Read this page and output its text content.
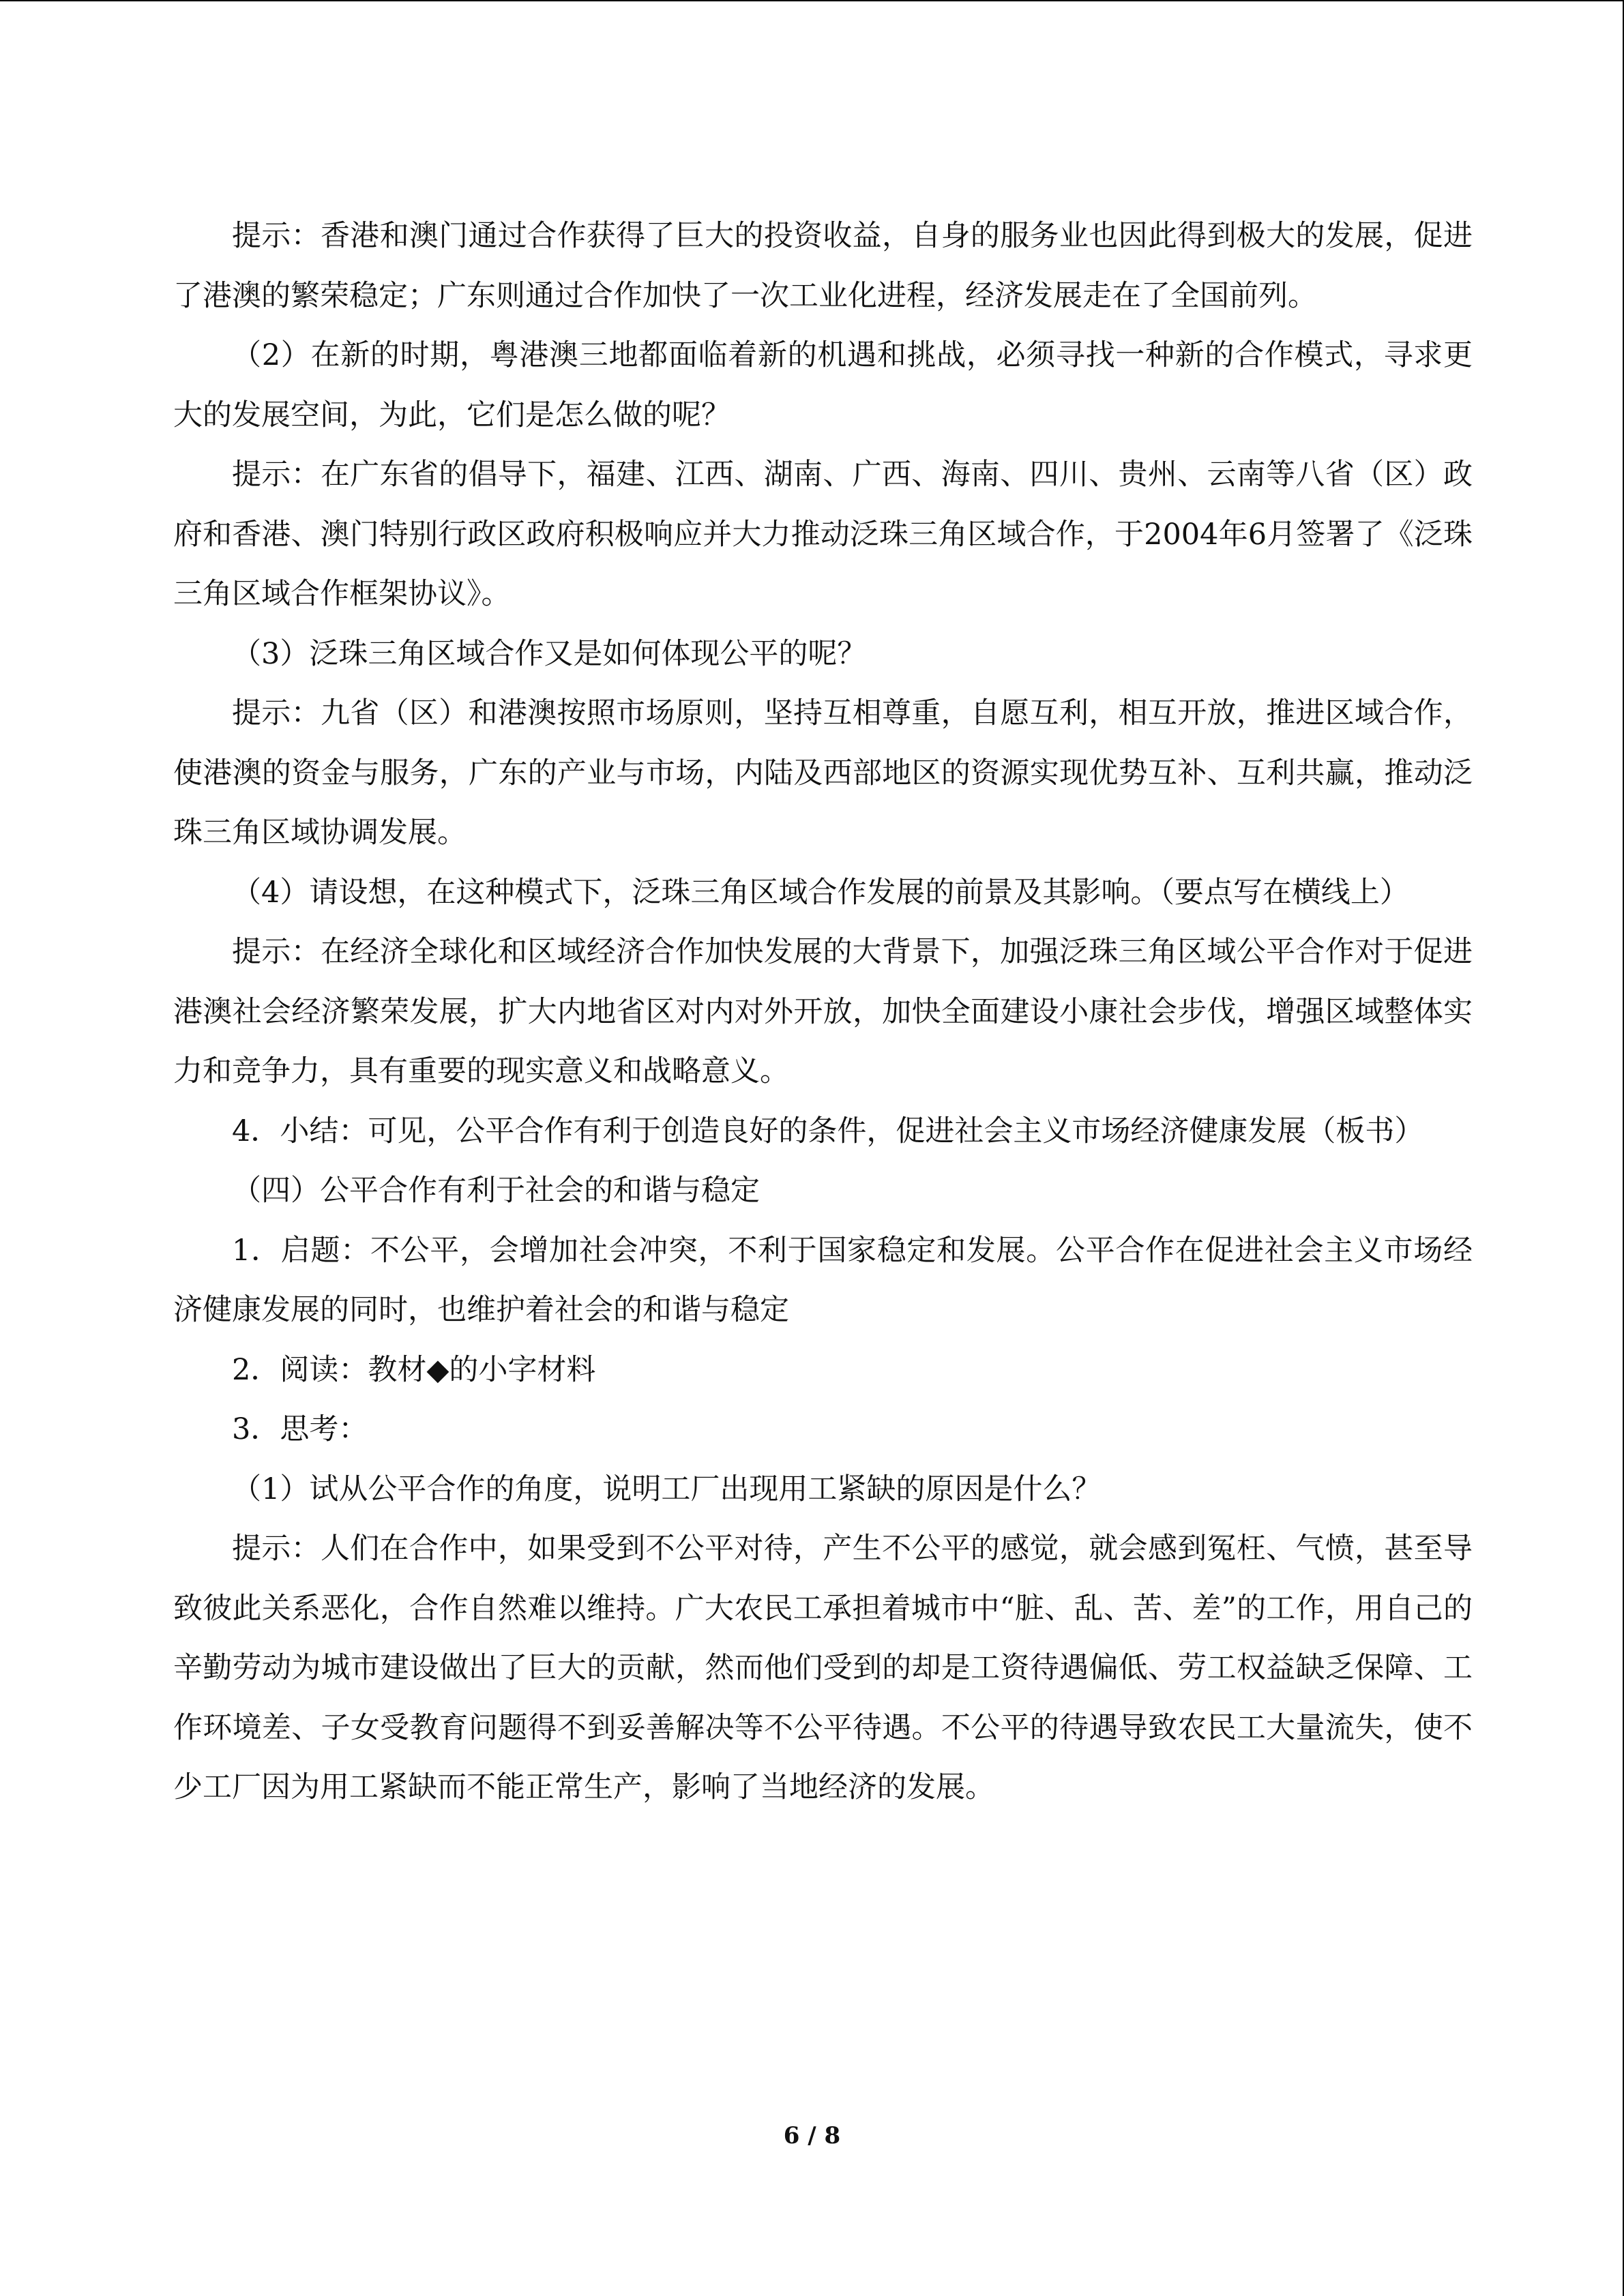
提示：香港和澳门通过合作获得了巨大的投资收益，自身的服务业也因此得到极大的发展，促进了港澳的繁荣稳定；广东则通过合作加快了一次工业化进程，经济发展走在了全国前列。

（2）在新的时期，粤港澳三地都面临着新的机遇和挑战，必须寻找一种新的合作模式，寻求更大的发展空间，为此，它们是怎么做的呢？

提示：在广东省的倡导下，福建、江西、湖南、广西、海南、四川、贵州、云南等八省（区）政府和香港、澳门特别行政区政府积极响应并大力推动泛珠三角区域合作，于2004年6月签署了《泛珠三角区域合作框架协议》。

（3）泛珠三角区域合作又是如何体现公平的呢？

提示：九省（区）和港澳按照市场原则，坚持互相尊重，自愿互利，相互开放，推进区域合作，使港澳的资金与服务，广东的产业与市场，内陆及西部地区的资源实现优势互补、互利共赢，推动泛珠三角区域协调发展。

（4）请设想，在这种模式下，泛珠三角区域合作发展的前景及其影响。（要点写在横线上）

提示：在经济全球化和区域经济合作加快发展的大背景下，加强泛珠三角区域公平合作对于促进港澳社会经济繁荣发展，扩大内地省区对内对外开放，加快全面建设小康社会步伐，增强区域整体实力和竞争力，具有重要的现实意义和战略意义。

4．小结：可见，公平合作有利于创造良好的条件，促进社会主义市场经济健康发展（板书）

（四）公平合作有利于社会的和谐与稳定

1．启题：不公平，会增加社会冲突，不利于国家稳定和发展。公平合作在促进社会主义市场经济健康发展的同时，也维护着社会的和谐与稳定

2．阅读：教材◆的小字材料

3．思考：

（1）试从公平合作的角度，说明工厂出现用工紧缺的原因是什么？

提示：人们在合作中，如果受到不公平对待，产生不公平的感觉，就会感到冤枉、气愤，甚至导致彼此关系恶化，合作自然难以维持。广大农民工承担着城市中“脏、乱、苦、差”的工作，用自己的辛勤劳动为城市建设做出了巨大的贡献，然而他们受到的却是工资待遇偏低、劳工权益缺乏保障、工作环境差、子女受教育问题得不到妥善解决等不公平待遇。不公平的待遇导致农民工大量流失，使不少工厂因为用工紧缺而不能正常生产，影响了当地经济的发展。

6 / 8
